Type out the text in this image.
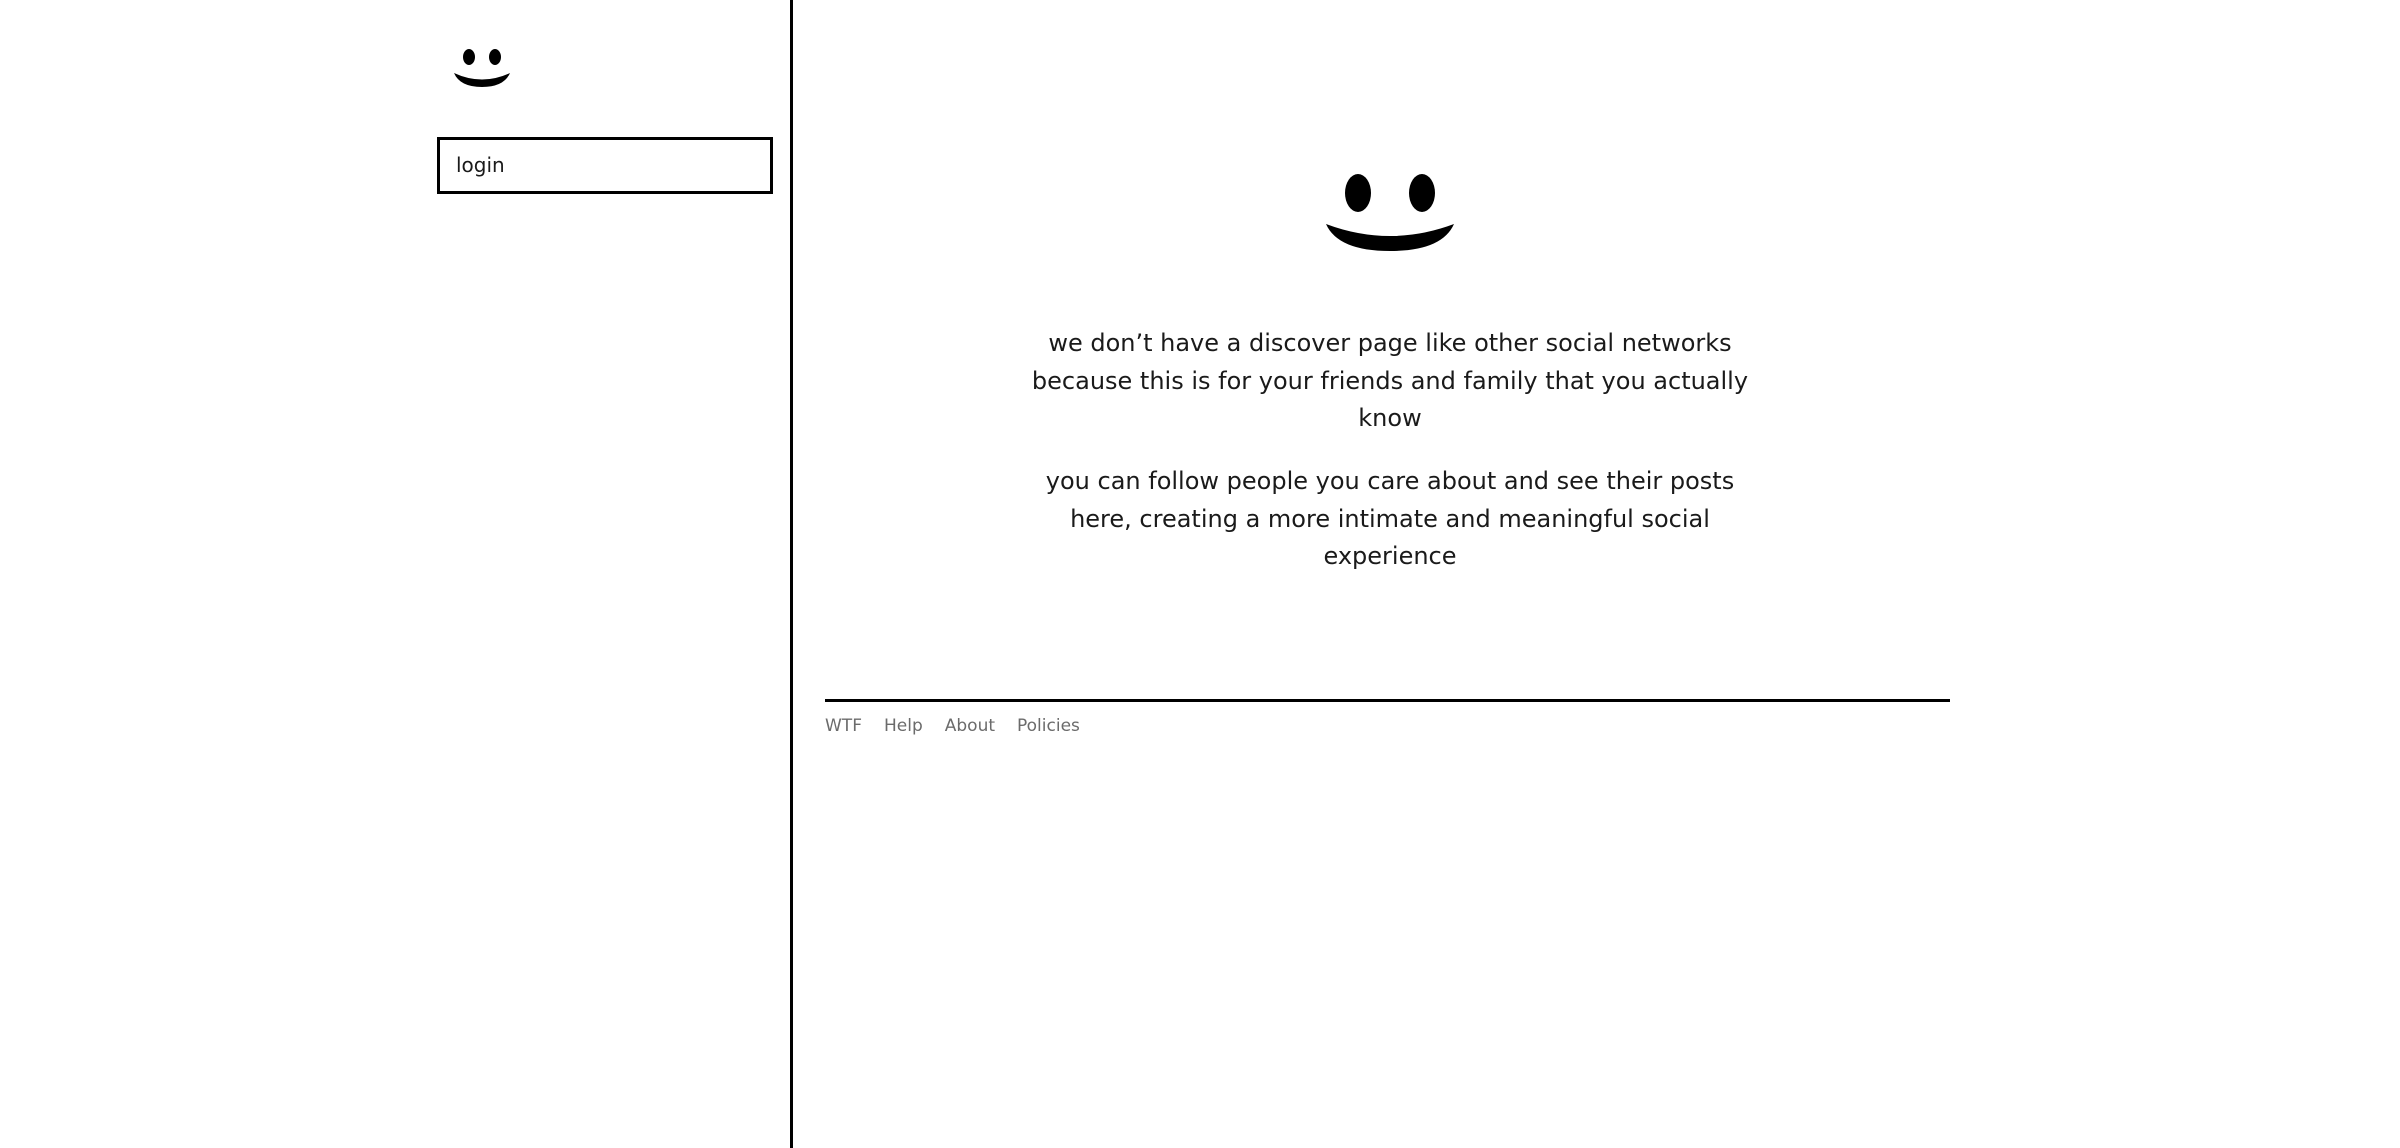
login

we don’t have a discover page like other social networks because this is for your friends and family that you actually know

you can follow people you care about and see their posts here, creating a more intimate and meaningful social experience

WTF Help About Policies
